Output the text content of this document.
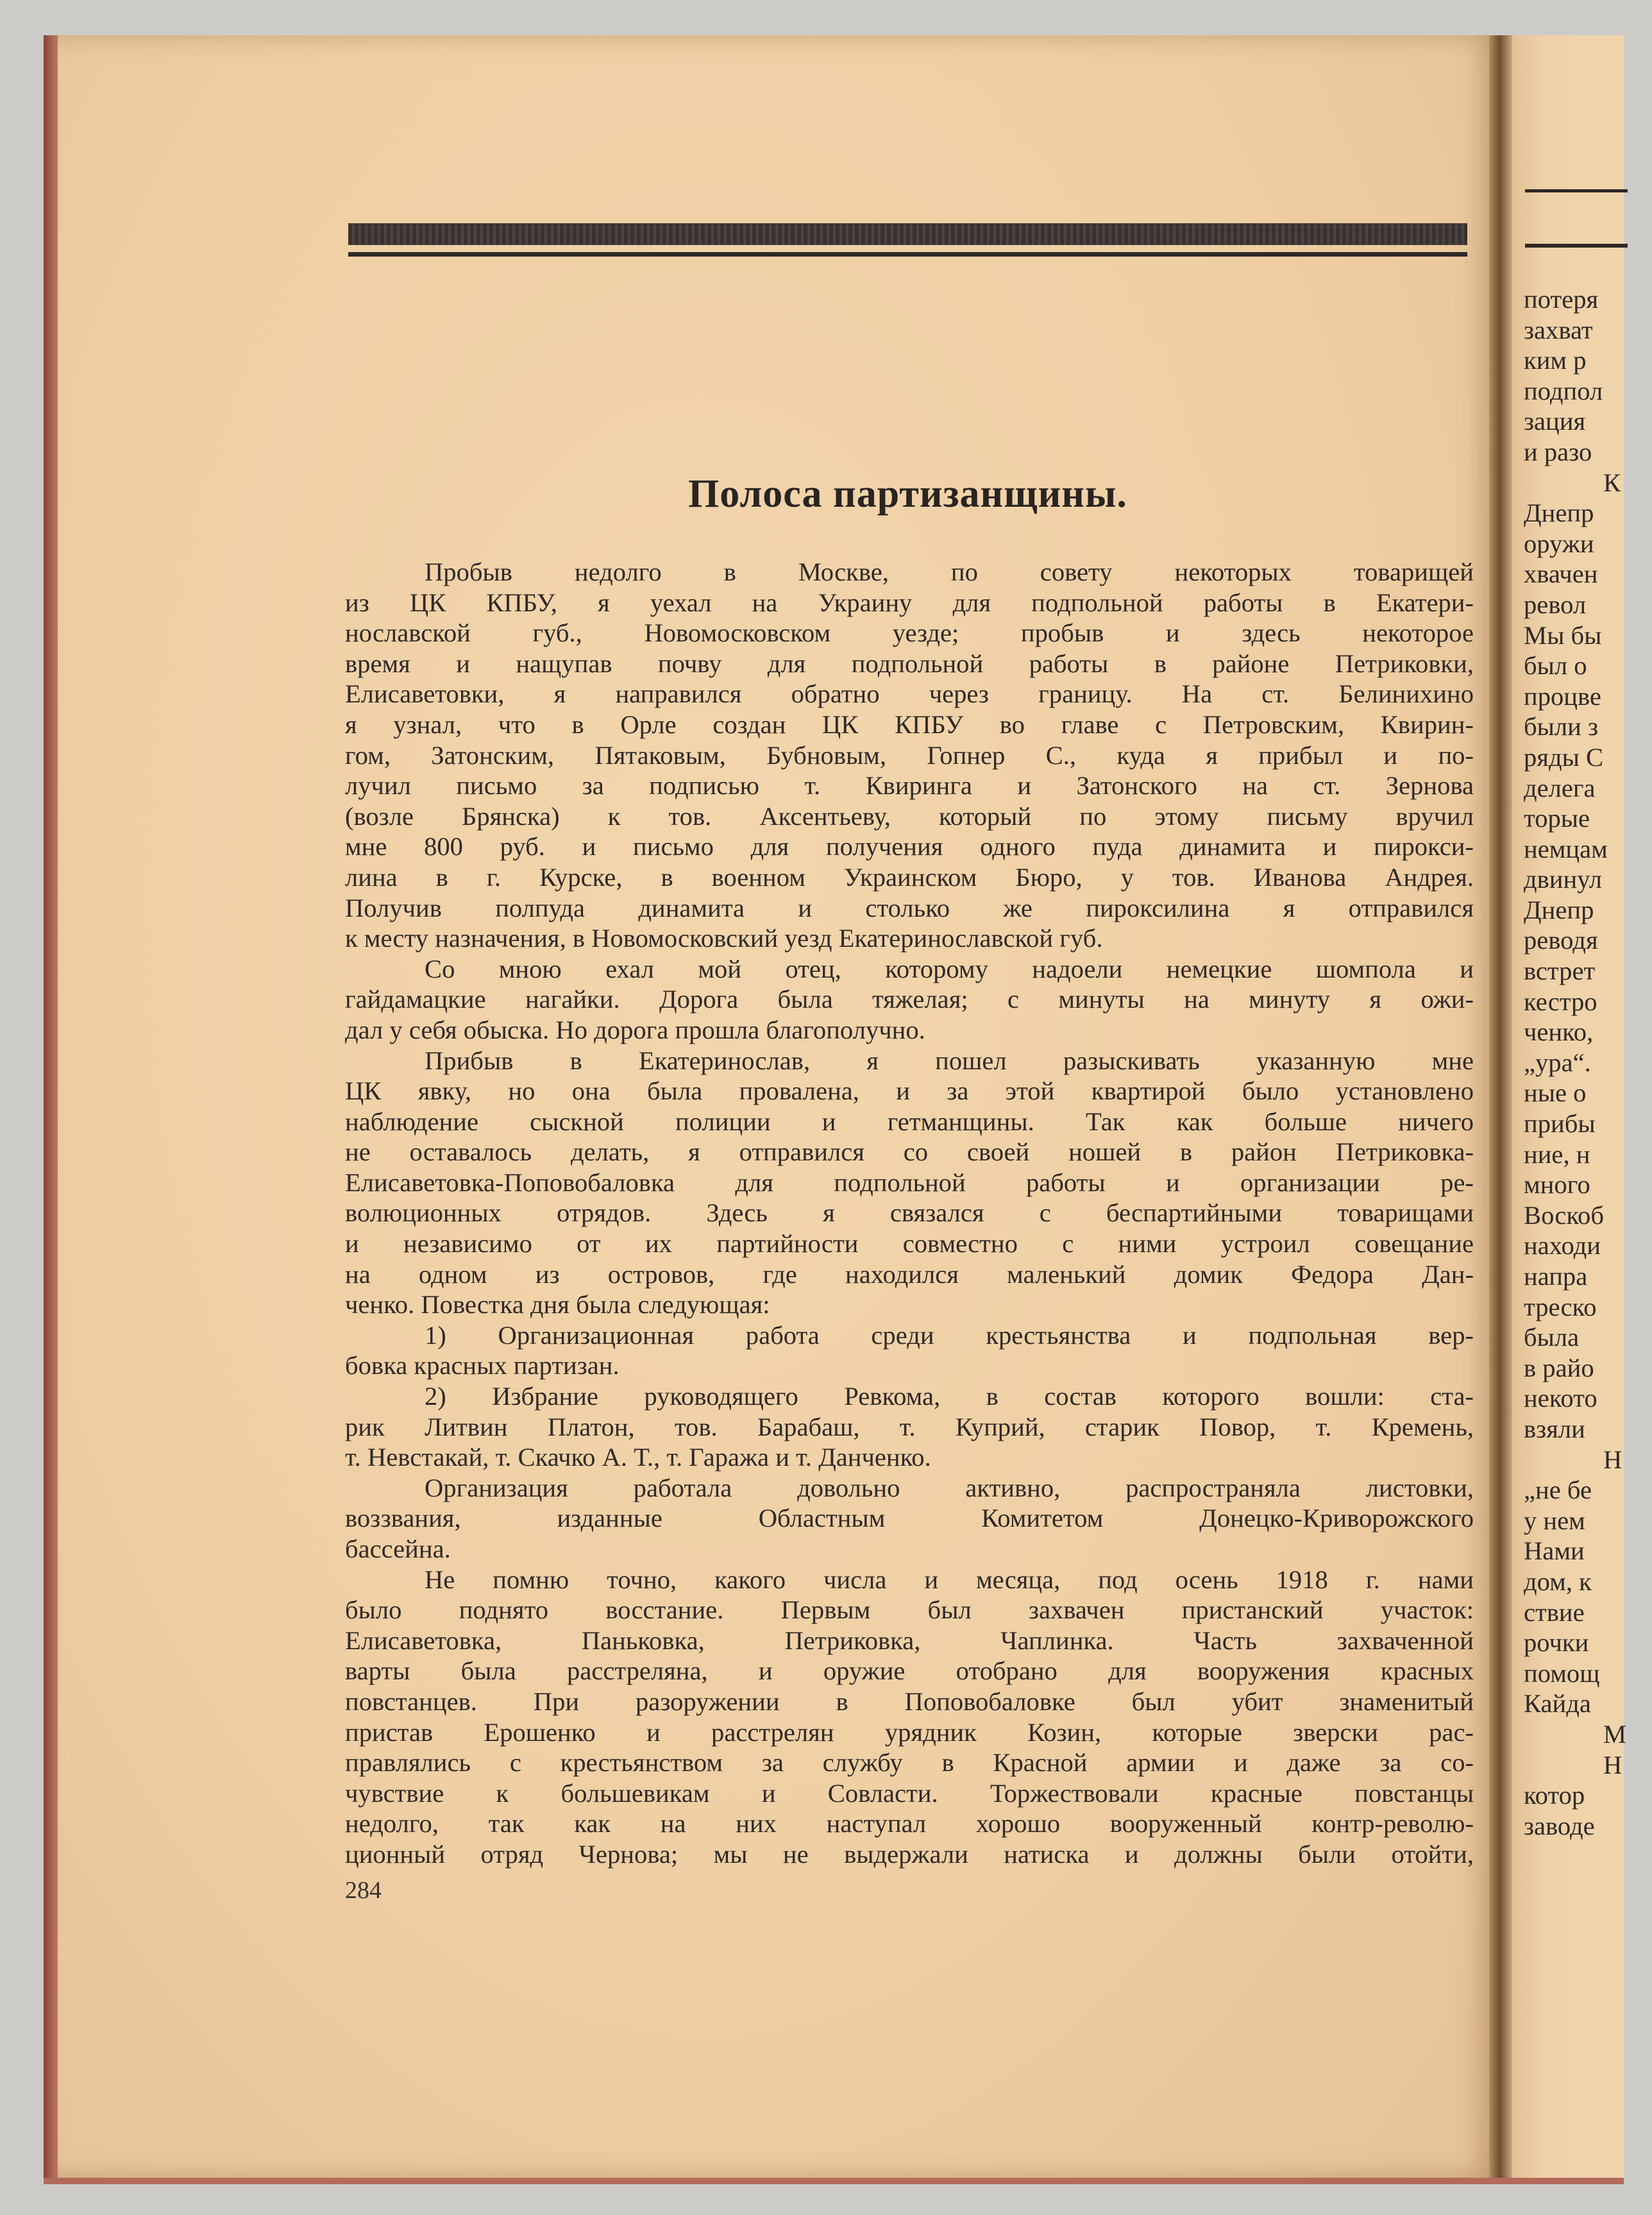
Полоса партизанщины.
Пробыв недолго в Москве, по совету некоторых товарищей
из ЦК КПБУ, я уехал на Украину для подпольной работы в Екатери-
нославской губ., Новомосковском уезде; пробыв и здесь некоторое
время и нащупав почву для подпольной работы в районе Петриковки,
Елисаветовки, я направился обратно через границу. На ст. Белинихино
я узнал, что в Орле создан ЦК КПБУ во главе с Петровским, Квирин-
гом, Затонским, Пятаковым, Бубновым, Гопнер С., куда я прибыл и по-
лучил письмо за подписью т. Квиринга и Затонского на ст. Зернова
(возле Брянска) к тов. Аксентьеву, который по этому письму вручил
мне 800 руб. и письмо для получения одного пуда динамита и пирокси-
лина в г. Курске, в военном Украинском Бюро, у тов. Иванова Андрея.
Получив полпуда динамита и столько же пироксилина я отправился
к месту назначения, в Новомосковский уезд Екатеринославской губ.
Со мною ехал мой отец, которому надоели немецкие шомпола и
гайдамацкие нагайки. Дорога была тяжелая; с минуты на минуту я ожи-
дал у себя обыска. Но дорога прошла благополучно.
Прибыв в Екатеринослав, я пошел разыскивать указанную мне
ЦК явку, но она была провалена, и за этой квартирой было установлено
наблюдение сыскной полиции и гетманщины. Так как больше ничего
не оставалось делать, я отправился со своей ношей в район Петриковка-
Елисаветовка-Поповобаловка для подпольной работы и организации ре-
волюционных отрядов. Здесь я связался с беспартийными товарищами
и независимо от их партийности совместно с ними устроил совещание
на одном из островов, где находился маленький домик Федора Дан-
ченко. Повестка дня была следующая:
1) Организационная работа среди крестьянства и подпольная вер-
бовка красных партизан.
2) Избрание руководящего Ревкома, в состав которого вошли: ста-
рик Литвин Платон, тов. Барабаш, т. Куприй, старик Повор, т. Кремень,
т. Невстакай, т. Скачко А. Т., т. Гаража и т. Данченко.
Организация работала довольно активно, распространяла листовки,
воззвания, изданные Областным Комитетом Донецко-Криворожского
бассейна.
Не помню точно, какого числа и месяца, под осень 1918 г. нами
было поднято восстание. Первым был захвачен пристанский участок:
Елисаветовка, Паньковка, Петриковка, Чаплинка. Часть захваченной
варты была расстреляна, и оружие отобрано для вооружения красных
повстанцев. При разоружении в Поповобаловке был убит знаменитый
пристав Ерошенко и расстрелян урядник Козин, которые зверски рас-
правлялись с крестьянством за службу в Красной армии и даже за со-
чувствие к большевикам и Совласти. Торжествовали красные повстанцы
недолго, так как на них наступал хорошо вооруженный контр-револю-
ционный отряд Чернова; мы не выдержали натиска и должны были отойти,
284
потеря
захват
ким р
подпол
зация
и разо
К
Днепр
оружи
хвачен
револ
Мы бы
был о
процве
были з
ряды С
делега
торые
немцам
двинул
Днепр
реводя
встрет
кестро
ченко,
„ура“.
ные о
прибы
ние, н
много
Воскоб
находи
напра
треско
была
в райо
некото
взяли
Н
„не бе
у нем
Нами
дом, к
ствие
рочки
помощ
Кайда
М
Н
котор
заводе
